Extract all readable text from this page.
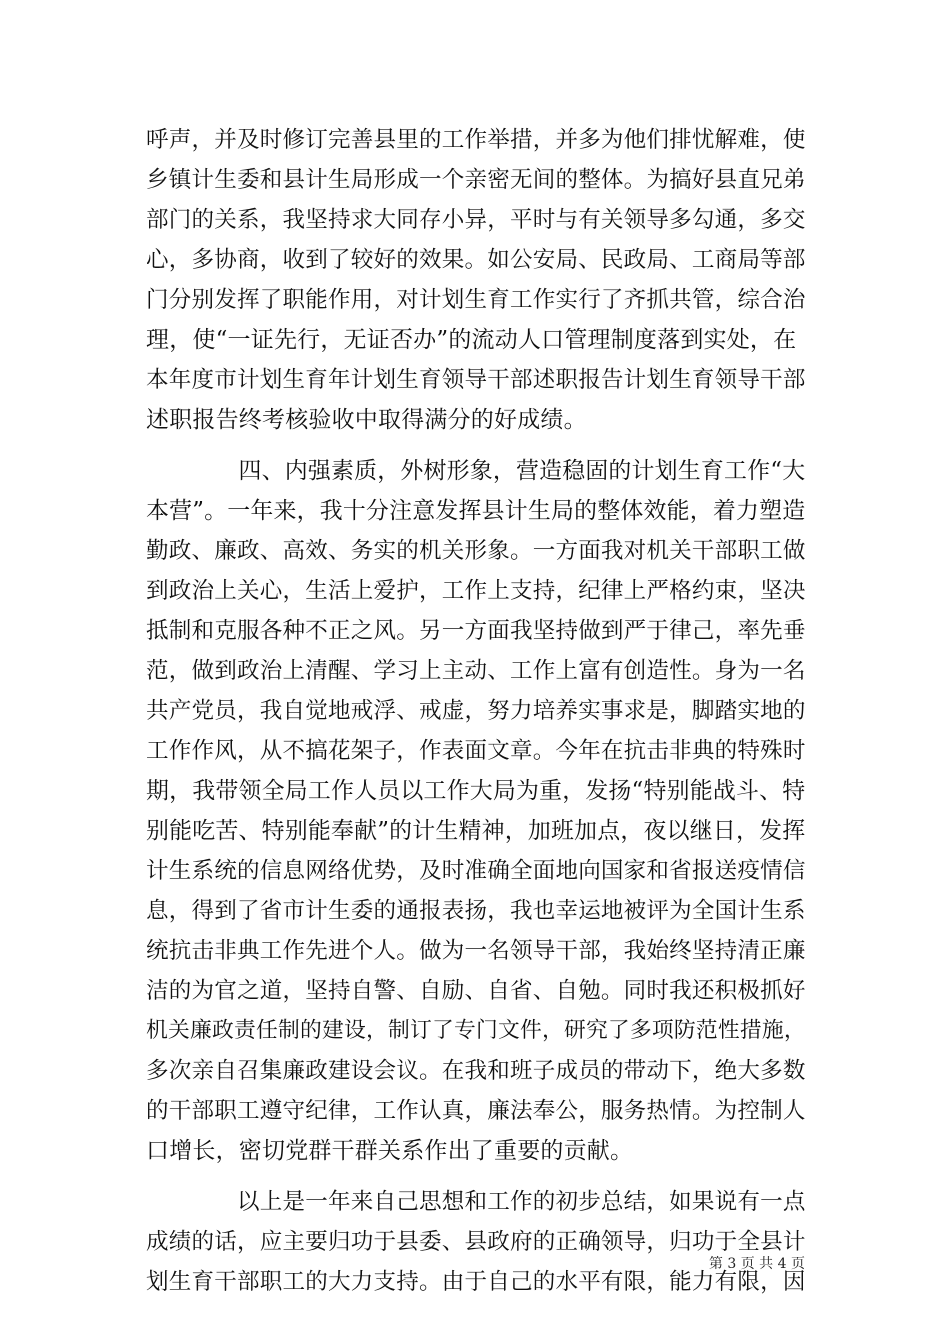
呼声，并及时修订完善县里的工作举措，并多为他们排忧解难，使
乡镇计生委和县计生局形成一个亲密无间的整体。为搞好县直兄弟
部门的关系，我坚持求大同存小异，平时与有关领导多勾通，多交
心，多协商，收到了较好的效果。如公安局、民政局、工商局等部
门分别发挥了职能作用，对计划生育工作实行了齐抓共管，综合治
理，使“一证先行，无证否办”的流动人口管理制度落到实处，在
本年度市计划生育年计划生育领导干部述职报告计划生育领导干部
述职报告终考核验收中取得满分的好成绩。
　　　　四、内强素质，外树形象，营造稳固的计划生育工作“大
本营”。一年来，我十分注意发挥县计生局的整体效能，着力塑造
勤政、廉政、高效、务实的机关形象。一方面我对机关干部职工做
到政治上关心，生活上爱护，工作上支持，纪律上严格约束，坚决
抵制和克服各种不正之风。另一方面我坚持做到严于律己，率先垂
范，做到政治上清醒、学习上主动、工作上富有创造性。身为一名
共产党员，我自觉地戒浮、戒虚，努力培养实事求是，脚踏实地的
工作作风，从不搞花架子，作表面文章。今年在抗击非典的特殊时
期，我带领全局工作人员以工作大局为重，发扬“特别能战斗、特
别能吃苦、特别能奉献”的计生精神，加班加点，夜以继日，发挥
计生系统的信息网络优势，及时准确全面地向国家和省报送疫情信
息，得到了省市计生委的通报表扬，我也幸运地被评为全国计生系
统抗击非典工作先进个人。做为一名领导干部，我始终坚持清正廉
洁的为官之道，坚持自警、自励、自省、自勉。同时我还积极抓好
机关廉政责任制的建设，制订了专门文件，研究了多项防范性措施，
多次亲自召集廉政建设会议。在我和班子成员的带动下，绝大多数
的干部职工遵守纪律，工作认真，廉法奉公，服务热情。为控制人
口增长，密切党群干群关系作出了重要的贡献。
　　　　以上是一年来自己思想和工作的初步总结，如果说有一点
成绩的话，应主要归功于县委、县政府的正确领导，归功于全县计
划生育干部职工的大力支持。由于自己的水平有限，能力有限，因
第 3 页 共 4 页
